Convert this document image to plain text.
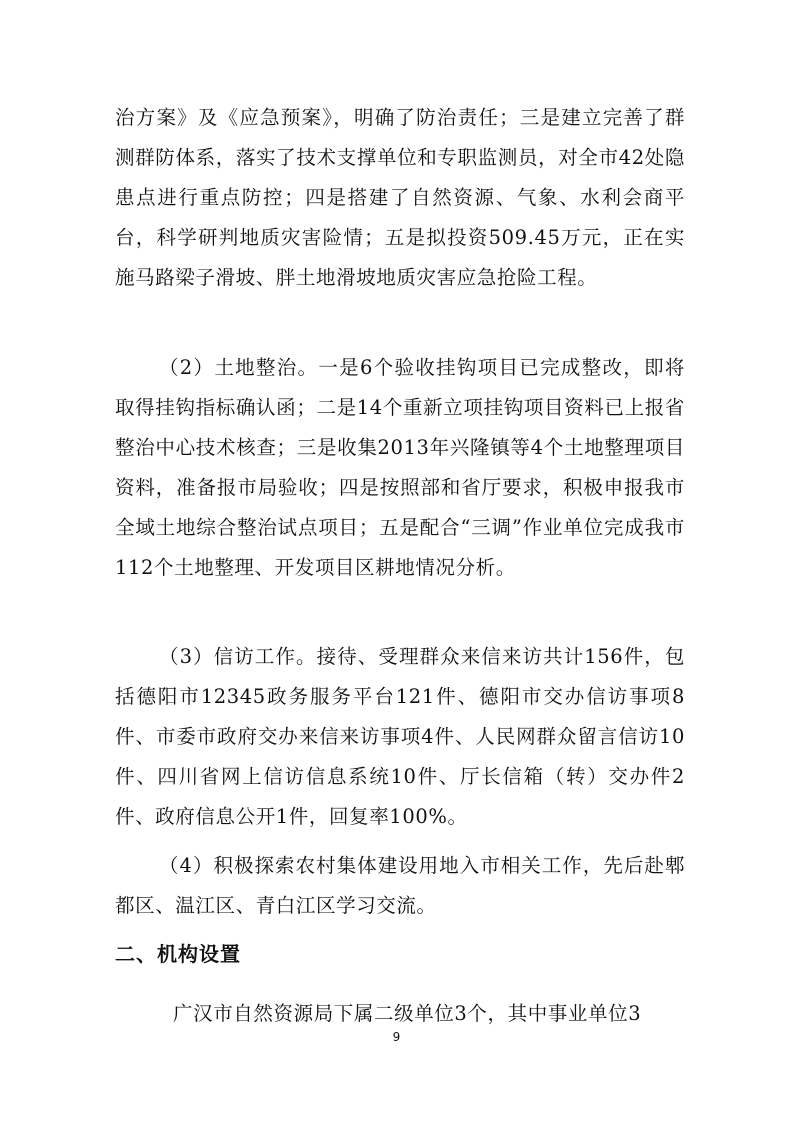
治方案》及《应急预案》，明确了防治责任；三是建立完善了群测群防体系，落实了技术支撑单位和专职监测员，对全市42处隐患点进行重点防控；四是搭建了自然资源、气象、水利会商平台，科学研判地质灾害险情；五是拟投资509.45万元，正在实施马路梁子滑坡、胖土地滑坡地质灾害应急抢险工程。

（2）土地整治。一是6个验收挂钩项目已完成整改，即将取得挂钩指标确认函；二是14个重新立项挂钩项目资料已上报省整治中心技术核查；三是收集2013年兴隆镇等4个土地整理项目资料，准备报市局验收；四是按照部和省厅要求，积极申报我市全域土地综合整治试点项目；五是配合“三调”作业单位完成我市112个土地整理、开发项目区耕地情况分析。

（3）信访工作。接待、受理群众来信来访共计156件，包括德阳市12345政务服务平台121件、德阳市交办信访事项8件、市委市政府交办来信来访事项4件、人民网群众留言信访10件、四川省网上信访信息系统10件、厅长信箱（转）交办件2件、政府信息公开1件，回复率100%。

（4）积极探索农村集体建设用地入市相关工作，先后赴郫都区、温江区、青白江区学习交流。

二、机构设置

广汉市自然资源局下属二级单位3个，其中事业单位3

9
